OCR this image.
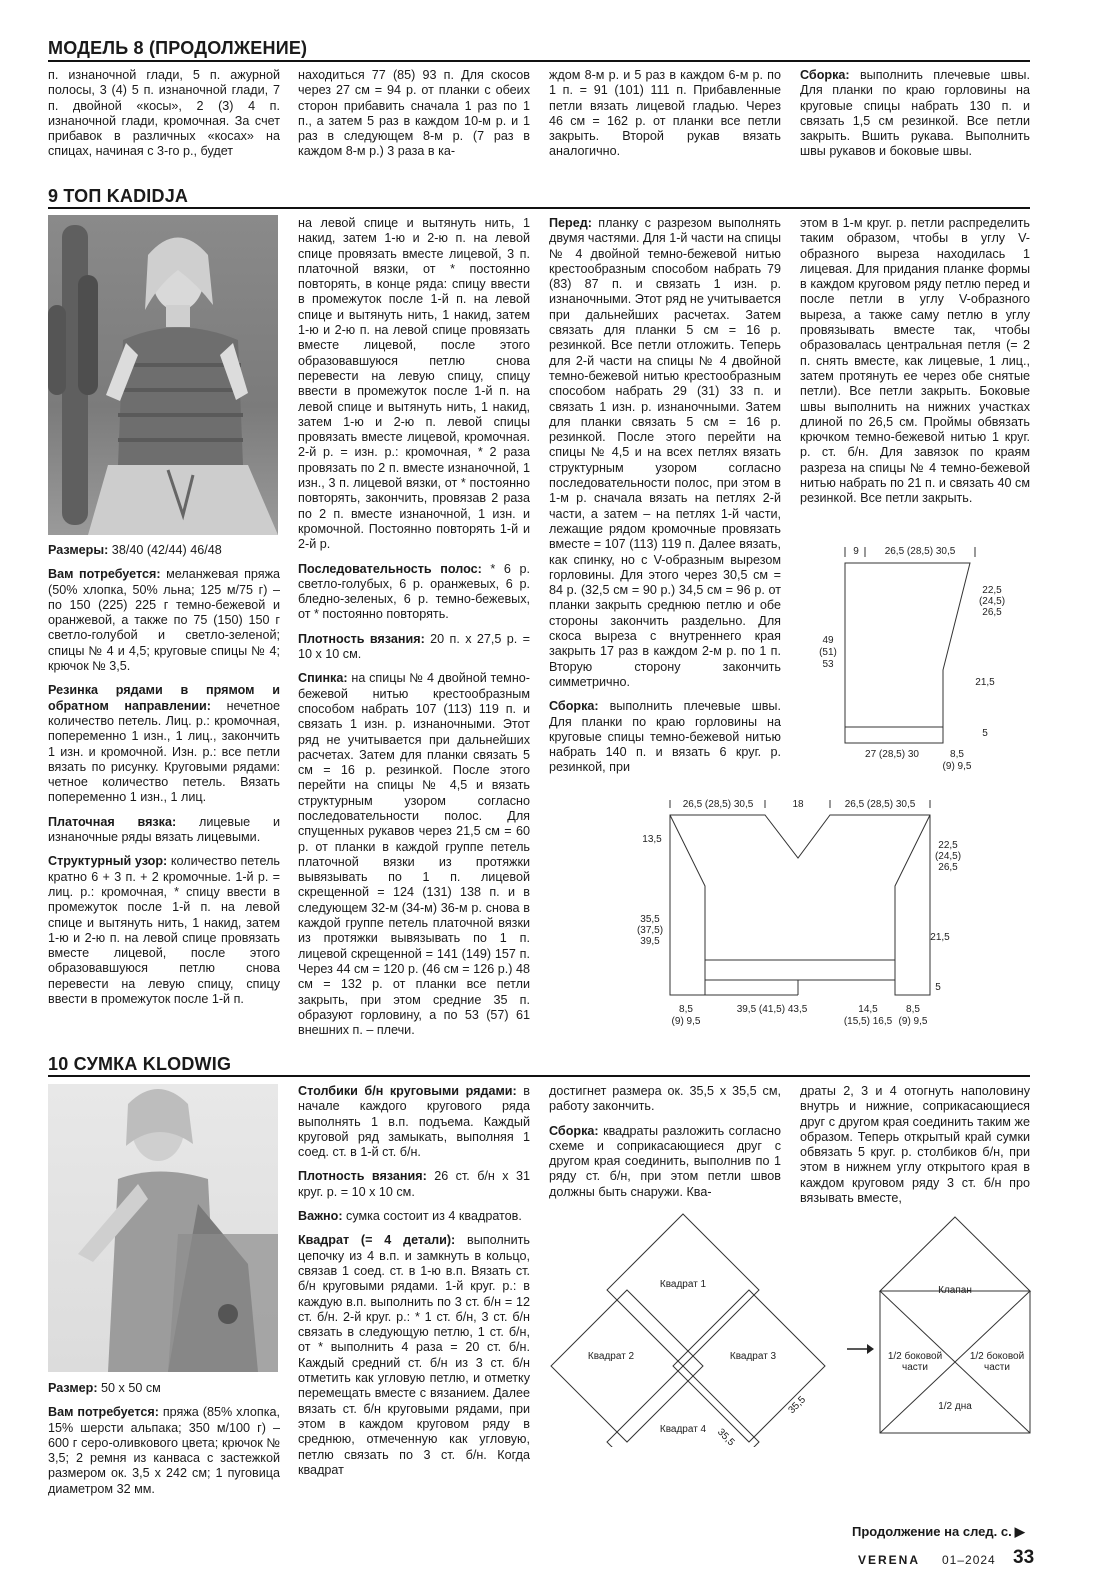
МОДЕЛЬ 8 (ПРОДОЛЖЕНИЕ)

п. изнаночной глади, 5 п. ажурной полосы, 3 (4) 5 п. изнаночной глади, 7 п. двойной «косы», 2 (3) 4 п. изнаночной глади, кромочная. За счет прибавок в различных «косах» на спицах, начиная с 3-го р., будет

находиться 77 (85) 93 п. Для скосов через 27 см = 94 р. от планки с обеих сторон прибавить сначала 1 раз по 1 п., а затем 5 раз в каждом 10-м р. и 1 раз в следующем 8-м р. (7 раз в каждом 8-м р.) 3 раза в ка-

ждом 8-м р. и 5 раз в каждом 6-м р. по 1 п. = 91 (101) 111 п. Прибавленные петли вязать лицевой гладью. Через 46 см = 162 р. от планки все петли закрыть. Второй рукав вязать аналогично.

Сборка: выполнить плечевые швы. Для планки по краю горловины на круговые спицы набрать 130 п. и связать 1,5 см резинкой. Все петли закрыть. Вшить рукава. Выполнить швы рукавов и боковые швы.

9 ТОП KADIDJA

Размеры: 38/40 (42/44) 46/48

Вам потребуется: меланжевая пряжа (50% хлопка, 50% льна; 125 м/75 г) – по 150 (225) 225 г темно-бежевой и оранжевой, а также по 75 (150) 150 г светло-голубой и светло-зеленой; спицы № 4 и 4,5; круговые спицы № 4; крючок № 3,5.

Резинка рядами в прямом и обратном направлении: нечетное количество петель. Лиц. р.: кромочная, попеременно 1 изн., 1 лиц., закончить 1 изн. и кромочной. Изн. р.: все петли вязать по рисунку. Круговыми рядами: четное количество петель. Вязать попеременно 1 изн., 1 лиц.

Платочная вязка: лицевые и изнаночные ряды вязать лицевыми.

Структурный узор: количество петель кратно 6 + 3 п. + 2 кромочные. 1-й р. = лиц. р.: кромочная, * спицу ввести в промежуток после 1-й п. на левой спице и вытянуть нить, 1 накид, затем 1-ю и 2-ю п. на левой спице провязать вместе лицевой, после этого образовавшуюся петлю снова перевести на левую спицу, спицу ввести в промежуток после 1-й п.

на левой спице и вытянуть нить, 1 накид, затем 1-ю и 2-ю п. на левой спице провязать вместе лицевой, 3 п. платочной вязки, от * постоянно повторять, в конце ряда: спицу ввести в промежуток после 1-й п. на левой спице и вытянуть нить, 1 накид, затем 1-ю и 2-ю п. на левой спице провязать вместе лицевой, после этого образовавшуюся петлю снова перевести на левую спицу, спицу ввести в промежуток после 1-й п. на левой спице и вытянуть нить, 1 накид, затем 1-ю и 2-ю п. левой спицы провязать вместе лицевой, кромочная. 2-й р. = изн. р.: кромочная, * 2 раза провязать по 2 п. вместе изнаночной, 1 изн., 3 п. лицевой вязки, от * постоянно повторять, закончить, провязав 2 раза по 2 п. вместе изнаночной, 1 изн. и кромочной. Постоянно повторять 1-й и 2-й р.

Последовательность полос: * 6 р. светло-голубых, 6 р. оранжевых, 6 р. бледно-зеленых, 6 р. темно-бежевых, от * постоянно повторять.

Плотность вязания: 20 п. х 27,5 р. = 10 х 10 см.

Спинка: на спицы № 4 двойной темно-бежевой нитью крестообразным способом набрать 107 (113) 119 п. и связать 1 изн. р. изнаночными. Этот ряд не учитывается при дальнейших расчетах. Затем для планки связать 5 см = 16 р. резинкой. После этого перейти на спицы № 4,5 и вязать структурным узором согласно последовательности полос. Для спущенных рукавов через 21,5 см = 60 р. от планки в каждой группе петель платочной вязки из протяжки вывязывать по 1 п. лицевой скрещенной = 124 (131) 138 п. и в следующем 32-м (34-м) 36-м р. снова в каждой группе петель платочной вязки из протяжки вывязывать по 1 п. лицевой скрещенной = 141 (149) 157 п. Через 44 см = 120 р. (46 см = 126 р.) 48 см = 132 р. от планки все петли закрыть, при этом средние 35 п. образуют горловину, а по 53 (57) 61 внешних п. – плечи.

Перед: планку с разрезом выполнять двумя частями. Для 1-й части на спицы № 4 двойной темно-бежевой нитью крестообразным способом набрать 79 (83) 87 п. и связать 1 изн. р. изнаночными. Этот ряд не учитывается при дальнейших расчетах. Затем связать для планки 5 см = 16 р. резинкой. Все петли отложить. Теперь для 2-й части на спицы № 4 двойной темно-бежевой нитью крестообразным способом набрать 29 (31) 33 п. и связать 1 изн. р. изнаночными. Затем для планки связать 5 см = 16 р. резинкой. После этого перейти на спицы № 4,5 и на всех петлях вязать структурным узором согласно последовательности полос, при этом в 1-м р. сначала вязать на петлях 2-й части, а затем – на петлях 1-й части, лежащие рядом кромочные провязать вместе = 107 (113) 119 п. Далее вязать, как спинку, но с V-образным вырезом горловины. Для этого через 30,5 см = 84 р. (32,5 см = 90 р.) 34,5 см = 96 р. от планки закрыть среднюю петлю и обе стороны закончить раздельно. Для скоса выреза с внутреннего края закрыть 17 раз в каждом 2-м р. по 1 п. Вторую сторону закончить симметрично.

Сборка: выполнить плечевые швы. Для планки по краю горловины на круговые спицы темно-бежевой нитью набрать 140 п. и вязать 6 круг. р. резинкой, при

этом в 1-м круг. р. петли распределить таким образом, чтобы в углу V-образного выреза находилась 1 лицевая. Для придания планке формы в каждом круговом ряду петлю перед и после петли в углу V-образного выреза, а также саму петлю в углу провязывать вместе так, чтобы образовалась центральная петля (= 2 п. снять вместе, как лицевые, 1 лиц., затем протянуть ее через обе снятые петли). Все петли закрыть. Боковые швы выполнить на нижних участках длиной по 26,5 см. Проймы обвязать крючком темно-бежевой нитью 1 круг. р. ст. б/н. Для завязок по краям разреза на спицы № 4 темно-бежевой нитью набрать по 21 п. и связать 40 см резинкой. Все петли закрыть.

9	26,5 (28,5) 30,5
22,5
(24,5)
26,5
49
(51)
53
21,5
5
27 (28,5) 30	8,5
(9) 9,5
26,5 (28,5) 30,5	18	26,5 (28,5) 30,5
13,5
22,5
(24,5)
26,5
35,5
(37,5)
39,5	21,5
5
8,5
(9) 9,5
39,5 (41,5) 43,5	14,5
(15,5) 16,5
8,5
(9) 9,5
10 СУМКА KLODWIG

Размер: 50 х 50 см

Вам потребуется: пряжа (85% хлопка, 15% шерсти альпака; 350 м/100 г) – 600 г серо-оливкового цвета; крючок № 3,5; 2 ремня из канваса с застежкой размером ок. 3,5 х 242 см; 1 пуговица диаметром 32 мм.

Столбики б/н круговыми рядами: в начале каждого кругового ряда выполнять 1 в.п. подъема. Каждый круговой ряд замыкать, выполняя 1 соед. ст. в 1-й ст. б/н.

Плотность вязания: 26 ст. б/н х 31 круг. р. = 10 х 10 см.

Важно: сумка состоит из 4 квадратов.

Квадрат (= 4 детали): выполнить цепочку из 4 в.п. и замкнуть в кольцо, связав 1 соед. ст. в 1-ю в.п. Вязать ст. б/н круговыми рядами. 1-й круг. р.: в каждую в.п. выполнить по 3 ст. б/н = 12 ст. б/н. 2-й круг. р.: * 1 ст. б/н, 3 ст. б/н связать в следующую петлю, 1 ст. б/н, от * выполнить 4 раза = 20 ст. б/н. Каждый средний ст. б/н из 3 ст. б/н отметить как угловую петлю, и отметку перемещать вместе с вязанием. Далее вязать ст. б/н круговыми рядами, при этом в каждом круговом ряду в среднюю, отмеченную как угловую, петлю связать по 3 ст. б/н. Когда квадрат

достигнет размера ок. 35,5 х 35,5 см, работу закончить.

Сборка: квадраты разложить согласно схеме и соприкасающиеся друг с другом края соединить, выполнив по 1 ряду ст. б/н, при этом петли швов должны быть снаружи. Ква-

драты 2, 3 и 4 отогнуть наполовину внутрь и нижние, соприкасающиеся друг с другом края соединить таким же образом. Теперь открытый край сумки обвязать 5 круг. р. столбиков б/н, при этом в нижнем углу открытого края в каждом круговом ряду 3 ст. б/н про вязывать вместе,

Квадрат 1
Квадрат 2	Квадрат 3
Квадрат 4
35,5
35,5
Клапан
1/2 боковой
части
1/2 боковой
части
1/2 дна
Продолжение на след. с. ▶
VERENA 01–2024 33
